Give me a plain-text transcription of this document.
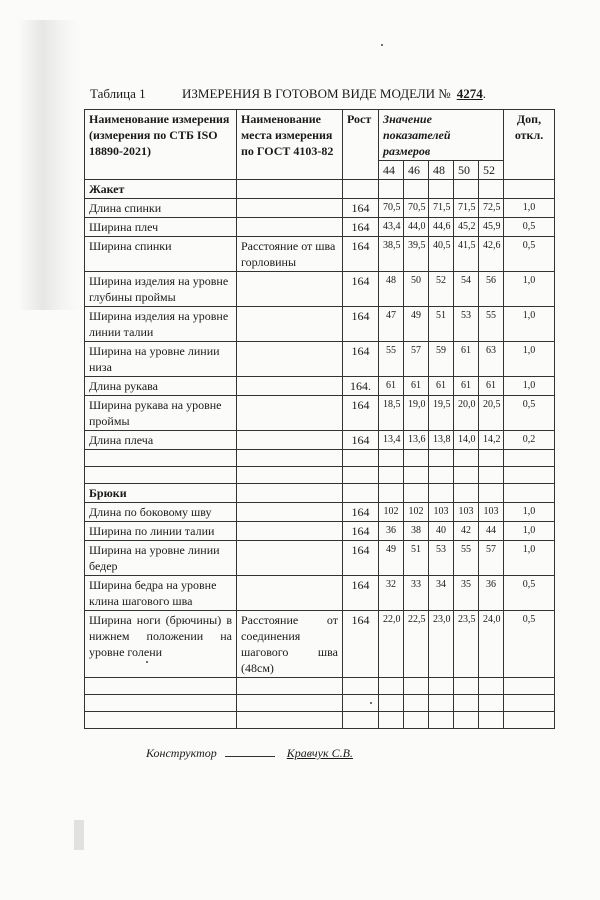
Таблица 1	ИЗМЕРЕНИЯ В ГОТОВОМ ВИДЕ МОДЕЛИ № 4274.
Наименование измерения (измерения по СТБ ISO 18890-2021)	Наименование места измерения по ГОСТ 4103-82	Рост	Значение показателей размеров					Доп, откл.
			44	46	48	50	52	
Жакет								
Длина спинки		164	70,5	70,5	71,5	71,5	72,5	1,0
Ширина плеч		164	43,4	44,0	44,6	45,2	45,9	0,5
Ширина спинки	Расстояние от шва горловины	164	38,5	39,5	40,5	41,5	42,6	0,5
Ширина изделия на уровне глубины проймы		164	48	50	52	54	56	1,0
Ширина изделия на уровне линии талии		164	47	49	51	53	55	1,0
Ширина на уровне линии низа		164	55	57	59	61	63	1,0
Длина рукава		164.	61	61	61	61	61	1,0
Ширина рукава на уровне проймы		164	18,5	19,0	19,5	20,0	20,5	0,5
Длина плеча		164	13,4	13,6	13,8	14,0	14,2	0,2

Брюки								
Длина по боковому шву		164	102	102	103	103	103	1,0
Ширина по линии талии		164	36	38	40	42	44	1,0
Ширина на уровне линии бедер		164	49	51	53	55	57	1,0
Ширина бедра на уровне клина шагового шва		164	32	33	34	35	36	0,5
Ширина ноги (брючины) в нижнем положении на уровне голени	Расстояние от соединения шагового шва (48см)	164	22,0	22,5	23,0	23,5	24,0	0,5

Конструктор	Кравчук С.В.
